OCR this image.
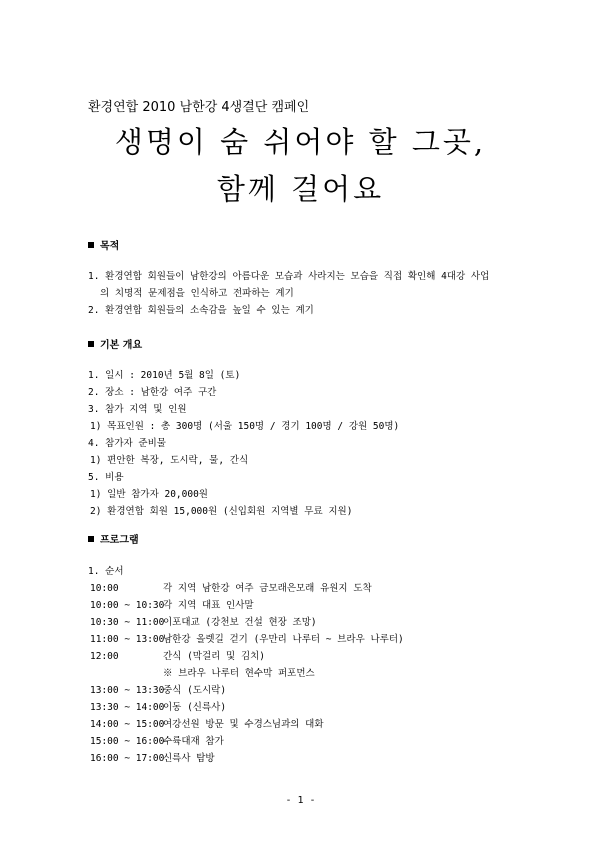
환경연합 2010 남한강 4생결단 캠페인
생명이 숨 쉬어야 할 그곳,
함께 걸어요
목적
1. 환경연합 회원들이 남한강의 아름다운 모습과 사라지는 모습을 직접 확인해 4대강 사업
의 치명적 문제점을 인식하고 전파하는 계기
2. 환경연합 회원들의 소속감을 높일 수 있는 계기
기본 개요
1. 일시 : 2010년 5월 8일 (토)
2. 장소 : 남한강 여주 구간
3. 참가 지역 및 인원
1) 목표인원 : 총 300명 (서울 150명 / 경기 100명 / 강원 50명)
4. 참가자 준비물
1) 편안한 복장, 도시락, 물, 간식
5. 비용
1) 일반 참가자 20,000원
2) 환경연합 회원 15,000원 (신입회원 지역별 무료 지원)
프로그램
1. 순서
10:00	각 지역 남한강 여주 금모래은모래 유원지 도착
10:00 ~ 10:30각 지역 대표 인사말
10:30 ~ 11:00이포대교 (강천보 건설 현장 조망)
11:00 ~ 13:00남한강 올렛길 걷기 (우만리 나루터 ~ 브라우 나루터)
12:00	간식 (막걸리 및 김치)
※ 브라우 나루터 현수막 퍼포먼스
13:00 ~ 13:30중식 (도시락)
13:30 ~ 14:00이동 (신륵사)
14:00 ~ 15:00여강선원 방문 및 수경스님과의 대화
15:00 ~ 16:00수륙대재 참가
16:00 ~ 17:00신륵사 탐방
- 1 -
